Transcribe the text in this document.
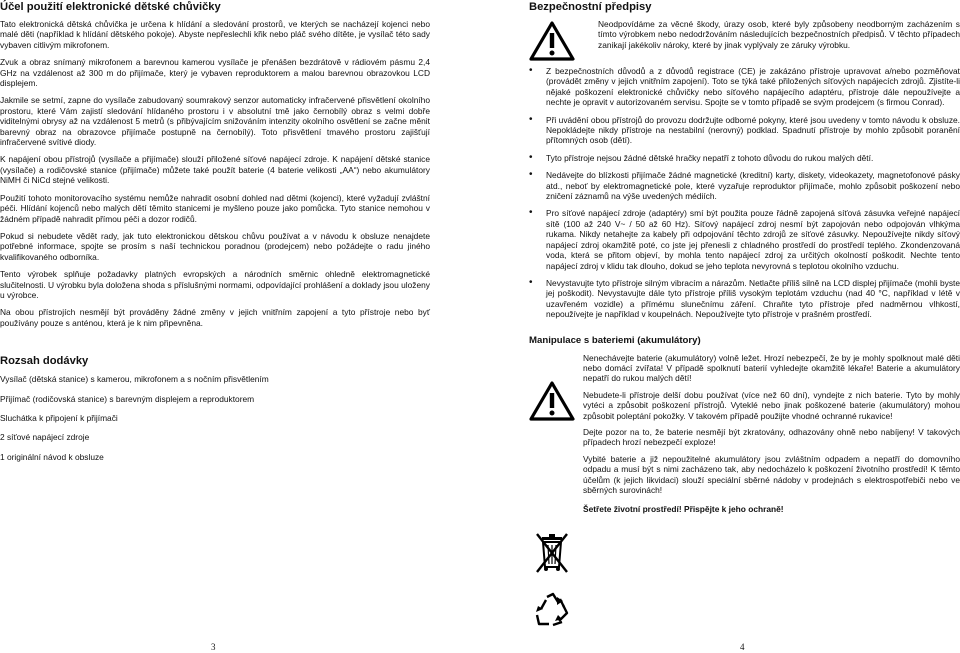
Účel použití elektronické dětské chůvičky

Tato elektronická dětská chůvička je určena k hlídání a sledování prostorů, ve kterých se nacházejí kojenci nebo malé děti (například k hlídání dětského pokoje). Abyste nepřeslechli křik nebo pláč svého dítěte, je vysílač této sady vybaven citlivým mikrofonem.

Zvuk a obraz snímaný mikrofonem a barevnou kamerou vysílače je přenášen bezdrátově v rádiovém pásmu 2,4 GHz na vzdálenost až 300 m do přijímače, který je vybaven reproduktorem a malou barevnou obrazovkou LCD displejem.

Jakmile se setmí, zapne do vysílače zabudovaný soumrakový senzor automaticky infračervené přisvětlení okolního prostoru, které Vám zajistí sledování hlídaného prostoru i v absolutní tmě jako černobílý obraz s velmi dobře viditelnými obrysy až na vzdálenost 5 metrů (s přibývajícím snižováním intenzity okolního osvětlení se začne měnit barevný obraz na obrazovce přijímače postupně na černobílý). Toto přisvětlení tmavého prostoru zajišťují infračervené svítivé diody.

K napájení obou přístrojů (vysílače a přijímače) slouží přiložené síťové napájecí zdroje. K napájení dětské stanice (vysílače) a rodičovské stanice (přijímače) můžete také použít baterie (4 baterie velikosti „AA“) nebo akumulátory NiMH či NiCd stejné velikosti.

Použití tohoto monitorovacího systému nemůže nahradit osobní dohled nad dětmi (kojenci), které vyžadují zvláštní péči. Hlídání kojenců nebo malých dětí těmito stanicemi je myšleno pouze jako pomůcka. Tyto stanice nemohou v žádném případě nahradit přímou péči a dozor rodičů.

Pokud si nebudete vědět rady, jak tuto elektronickou dětskou chůvu používat a v návodu k obsluze nenajdete potřebné informace, spojte se prosím s naší technickou poradnou (prodejcem) nebo požádejte o radu jiného kvalifikovaného odborníka.

Tento výrobek splňuje požadavky platných evropských a národních směrnic ohledně elektromagnetické slučitelnosti. U výrobku byla doložena shoda s příslušnými normami, odpovídající prohlášení a doklady jsou uloženy u výrobce.

Na obou přístrojích nesmějí být prováděny žádné změny v jejich vnitřním zapojení a tyto přístroje nebo byť používány pouze s anténou, která je k nim připevněna.

Rozsah dodávky
Vysílač (dětská stanice) s kamerou, mikrofonem a s nočním přisvětlením
Přijímač (rodičovská stanice) s barevným displejem a reproduktorem
Sluchátka k připojení k přijímači
2 síťové napájecí zdroje
1 originální návod k obsluze
3
Bezpečnostní předpisy

Neodpovídáme za věcné škody, úrazy osob, které byly způsobeny neodborným zacházením s tímto výrobkem nebo nedodržováním následujících bezpečnostních předpisů. V těchto případech zanikají jakékoliv nároky, které by jinak vyplývaly ze záruky výrobku.

• Z bezpečnostních důvodů a z důvodů registrace (CE) je zakázáno přístroje upravovat a/nebo pozměňovat (provádět změny v jejich vnitřním zapojení). Toto se týká také přiložených síťových napájecích zdrojů. Zjistíte-li nějaké poškození elektronické chůvičky nebo síťového napájecího adaptéru, přístroje dále nepoužívejte a nechte je opravit v autorizovaném servisu. Spojte se v tomto případě se svým prodejcem (s firmou Conrad).
• Při uvádění obou přístrojů do provozu dodržujte odborné pokyny, které jsou uvedeny v tomto návodu k obsluze. Nepokládejte nikdy přístroje na nestabilní (nerovný) podklad. Spadnutí přístroje by mohlo způsobit poranění přítomných osob (dětí).
• Tyto přístroje nejsou žádné dětské hračky nepatří z tohoto důvodu do rukou malých dětí.
• Nedávejte do blízkosti přijímače žádné magnetické (kreditní) karty, diskety, videokazety, magnetofonové pásky atd., neboť by elektromagnetické pole, které vyzařuje reproduktor přijímače, mohlo způsobit poškození nebo zničení záznamů na výše uvedených médiích.
• Pro síťové napájecí zdroje (adaptéry) smí být použita pouze řádně zapojená síťová zásuvka veřejné napájecí sítě (100 až 240 V~ / 50 až 60 Hz). Síťový napájecí zdroj nesmí být zapojován nebo odpojován vlhkýma rukama. Nikdy netahejte za kabely při odpojování těchto zdrojů ze síťové zásuvky. Nepoužívejte nikdy síťový napájecí zdroj okamžitě poté, co jste jej přenesli z chladného prostředí do prostředí teplého. Zkondenzovaná voda, která se přitom objeví, by mohla tento napájecí zdroj za určitých okolností poškodit. Nechte tento napájecí zdroj v klidu tak dlouho, dokud se jeho teplota nevyrovná s teplotou okolního vzduchu.
• Nevystavujte tyto přístroje silným vibracím a nárazům. Netlačte příliš silně na LCD displej přijímače (mohli byste jej poškodit). Nevystavujte dále tyto přístroje příliš vysokým teplotám vzduchu (nad 40 °C, například v létě v uzavřeném vozidle) a přímému slunečnímu záření. Chraňte tyto přístroje před nadměrnou vlhkostí, nepoužívejte je například v koupelnách. Nepoužívejte tyto přístroje v prašném prostředí.
Manipulace s bateriemi (akumulátory)

Nenechávejte baterie (akumulátory) volně ležet. Hrozí nebezpečí, že by je mohly spolknout malé děti nebo domácí zvířata! V případě spolknutí baterií vyhledejte okamžitě lékaře! Baterie a akumulátory nepatří do rukou malých dětí!

Nebudete-li přístroje delší dobu používat (více než 60 dní), vyndejte z nich baterie. Tyto by mohly vytéci a způsobit poškození přístrojů. Vyteklé nebo jinak poškozené baterie (akumulátory) mohou způsobit poleptání pokožky. V takovém případě použijte vhodné ochranné rukavice!

Dejte pozor na to, že baterie nesmějí být zkratovány, odhazovány ohně nebo nabíjeny! V takových případech hrozí nebezpečí exploze!

Vybité baterie a již nepoužitelné akumulátory jsou zvláštním odpadem a nepatří do domovního odpadu a musí být s nimi zacházeno tak, aby nedocházelo k poškození životního prostředí! K těmto účelům (k jejich likvidaci) slouží speciální sběrné nádoby v prodejnách s elektrospotřebiči nebo ve sběrných surovinách!

Šetřete životní prostředí! Přispějte k jeho ochraně!

4
